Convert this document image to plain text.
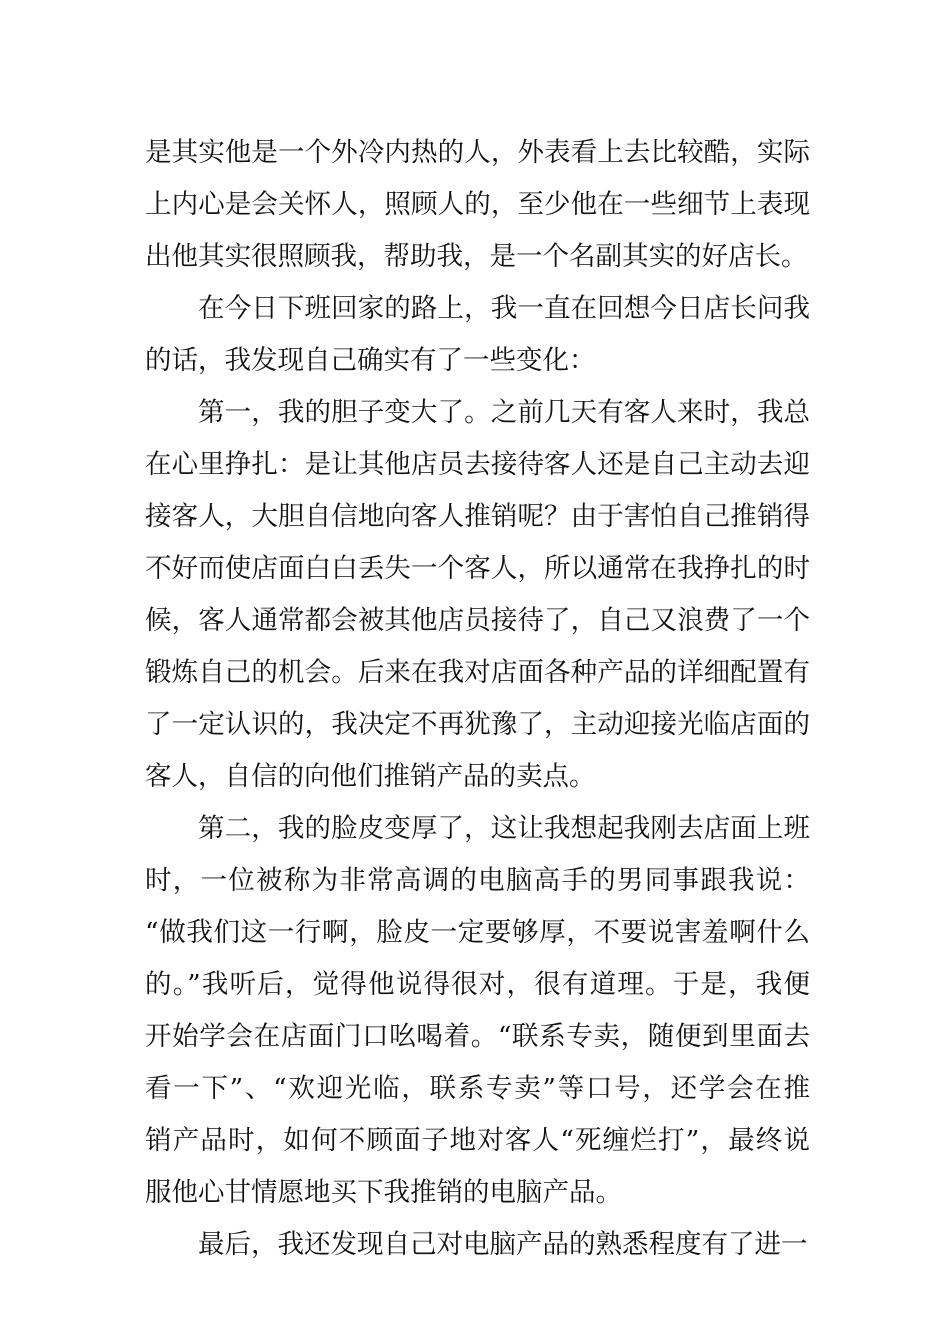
是其实他是一个外冷内热的人，外表看上去比较酷，实际
上内心是会关怀人，照顾人的，至少他在一些细节上表现
出他其实很照顾我，帮助我，是一个名副其实的好店长。
在今日下班回家的路上，我一直在回想今日店长问我
的话，我发现自己确实有了一些变化：
第一，我的胆子变大了。之前几天有客人来时，我总
在心里挣扎：是让其他店员去接待客人还是自己主动去迎
接客人，大胆自信地向客人推销呢？由于害怕自己推销得
不好而使店面白白丢失一个客人，所以通常在我挣扎的时
候，客人通常都会被其他店员接待了，自己又浪费了一个
锻炼自己的机会。后来在我对店面各种产品的详细配置有
了一定认识的，我决定不再犹豫了，主动迎接光临店面的
客人，自信的向他们推销产品的卖点。
第二，我的脸皮变厚了，这让我想起我刚去店面上班
时，一位被称为非常高调的电脑高手的男同事跟我说：
“做我们这一行啊，脸皮一定要够厚，不要说害羞啊什么
的。”我听后，觉得他说得很对，很有道理。于是，我便
开始学会在店面门口吆喝着。“联系专卖，随便到里面去
看一下”、“欢迎光临，联系专卖”等口号，还学会在推
销产品时，如何不顾面子地对客人“死缠烂打”，最终说
服他心甘情愿地买下我推销的电脑产品。
最后，我还发现自己对电脑产品的熟悉程度有了进一
